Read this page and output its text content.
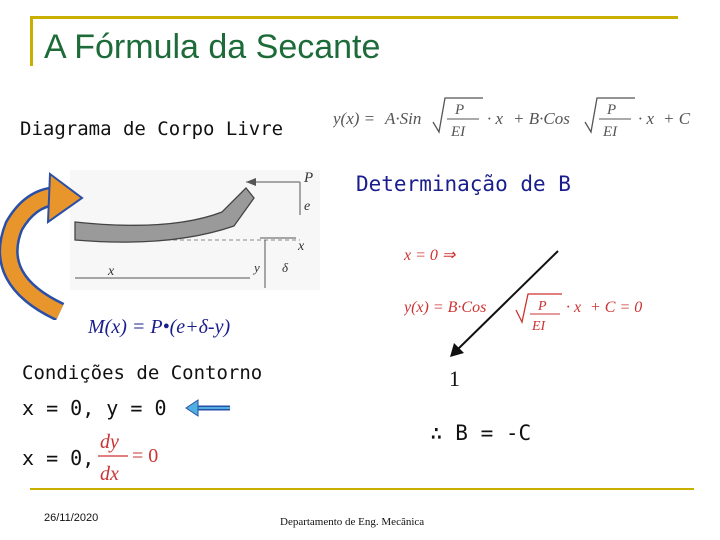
A Fórmula da Secante
Diagrama de Corpo Livre	y(x) = A·Sin P
EI
· x + B·Cos P
EI
· x + C
Determinação de B
P
e
x
y δ
x
M(x) = P•(e+δ-y)
x = 0 ⇒
y(x) = B·Cos	P
EI
· x + C = 0
1
Condições de Contorno
x = 0, y = 0
x = 0,
dy
dx
= 0
∴ B = -C
26/11/2020	Departamento de Eng. Mecânica
